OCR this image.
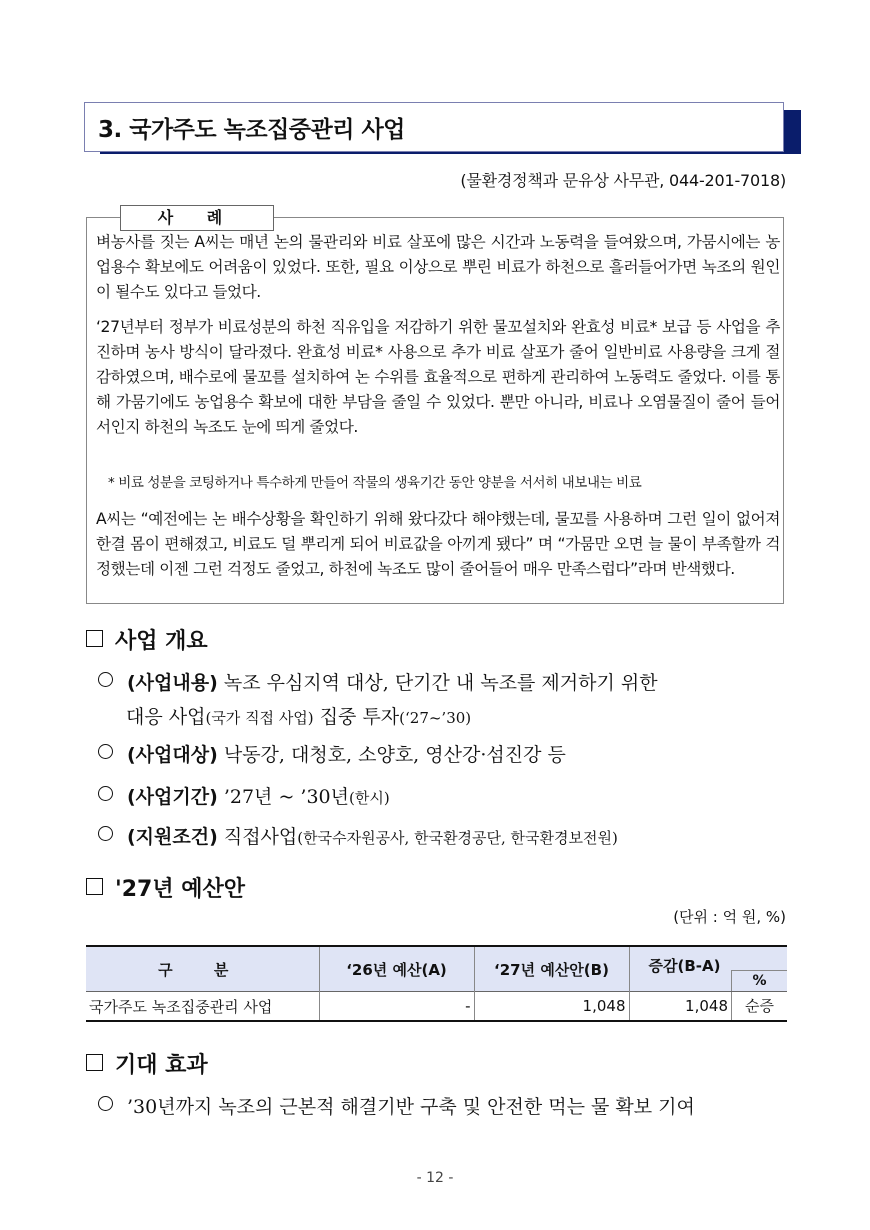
3. 국가주도 녹조집중관리 사업
(물환경정책과 문유상 사무관, 044-201-7018)
사 례
벼농사를 짓는 A씨는 매년 논의 물관리와 비료 살포에 많은 시간과 노동력을 들여왔으며, 가뭄시에는 농업용수 확보에도 어려움이 있었다. 또한, 필요 이상으로 뿌린 비료가 하천으로 흘러들어가면 녹조의 원인이 될수도 있다고 들었다.
‘27년부터 정부가 비료성분의 하천 직유입을 저감하기 위한 물꼬설치와 완효성 비료* 보급 등 사업을 추진하며 농사 방식이 달라졌다. 완효성 비료* 사용으로 추가 비료 살포가 줄어 일반비료 사용량을 크게 절감하였으며, 배수로에 물꼬를 설치하여 논 수위를 효율적으로 편하게 관리하여 노동력도 줄었다. 이를 통해 가뭄기에도 농업용수 확보에 대한 부담을 줄일 수 있었다. 뿐만 아니라, 비료나 오염물질이 줄어 들어서인지 하천의 녹조도 눈에 띄게 줄었다.
* 비료 성분을 코팅하거나 특수하게 만들어 작물의 생육기간 동안 양분을 서서히 내보내는 비료
A씨는 “예전에는 논 배수상황을 확인하기 위해 왔다갔다 해야했는데, 물꼬를 사용하며 그런 일이 없어져 한결 몸이 편해졌고, 비료도 덜 뿌리게 되어 비료값을 아끼게 됐다” 며 “가뭄만 오면 늘 물이 부족할까 걱정했는데 이젠 그런 걱정도 줄었고, 하천에 녹조도 많이 줄어들어 매우 만족스럽다”라며 반색했다.
사업 개요
(사업내용) 녹조 우심지역 대상, 단기간 내 녹조를 제거하기 위한
대응 사업(국가 직접 사업) 집중 투자(‘27~’30)
(사업대상) 낙동강, 대청호, 소양호, 영산강·섬진강 등
(사업기간) ’27년 ~ ’30년(한시)
(지원조건) 직접사업(한국수자원공사, 한국환경공단, 한국환경보전원)
'27년 예산안
(단위 : 억 원, %)
구 분	‘26년 예산(A)	‘27년 예산안(B)	증감(B-A)
%

국가주도 녹조집중관리 사업	-	1,048	1,048 순증
기대 효과
’30년까지 녹조의 근본적 해결기반 구축 및 안전한 먹는 물 확보 기여
- 12 -
